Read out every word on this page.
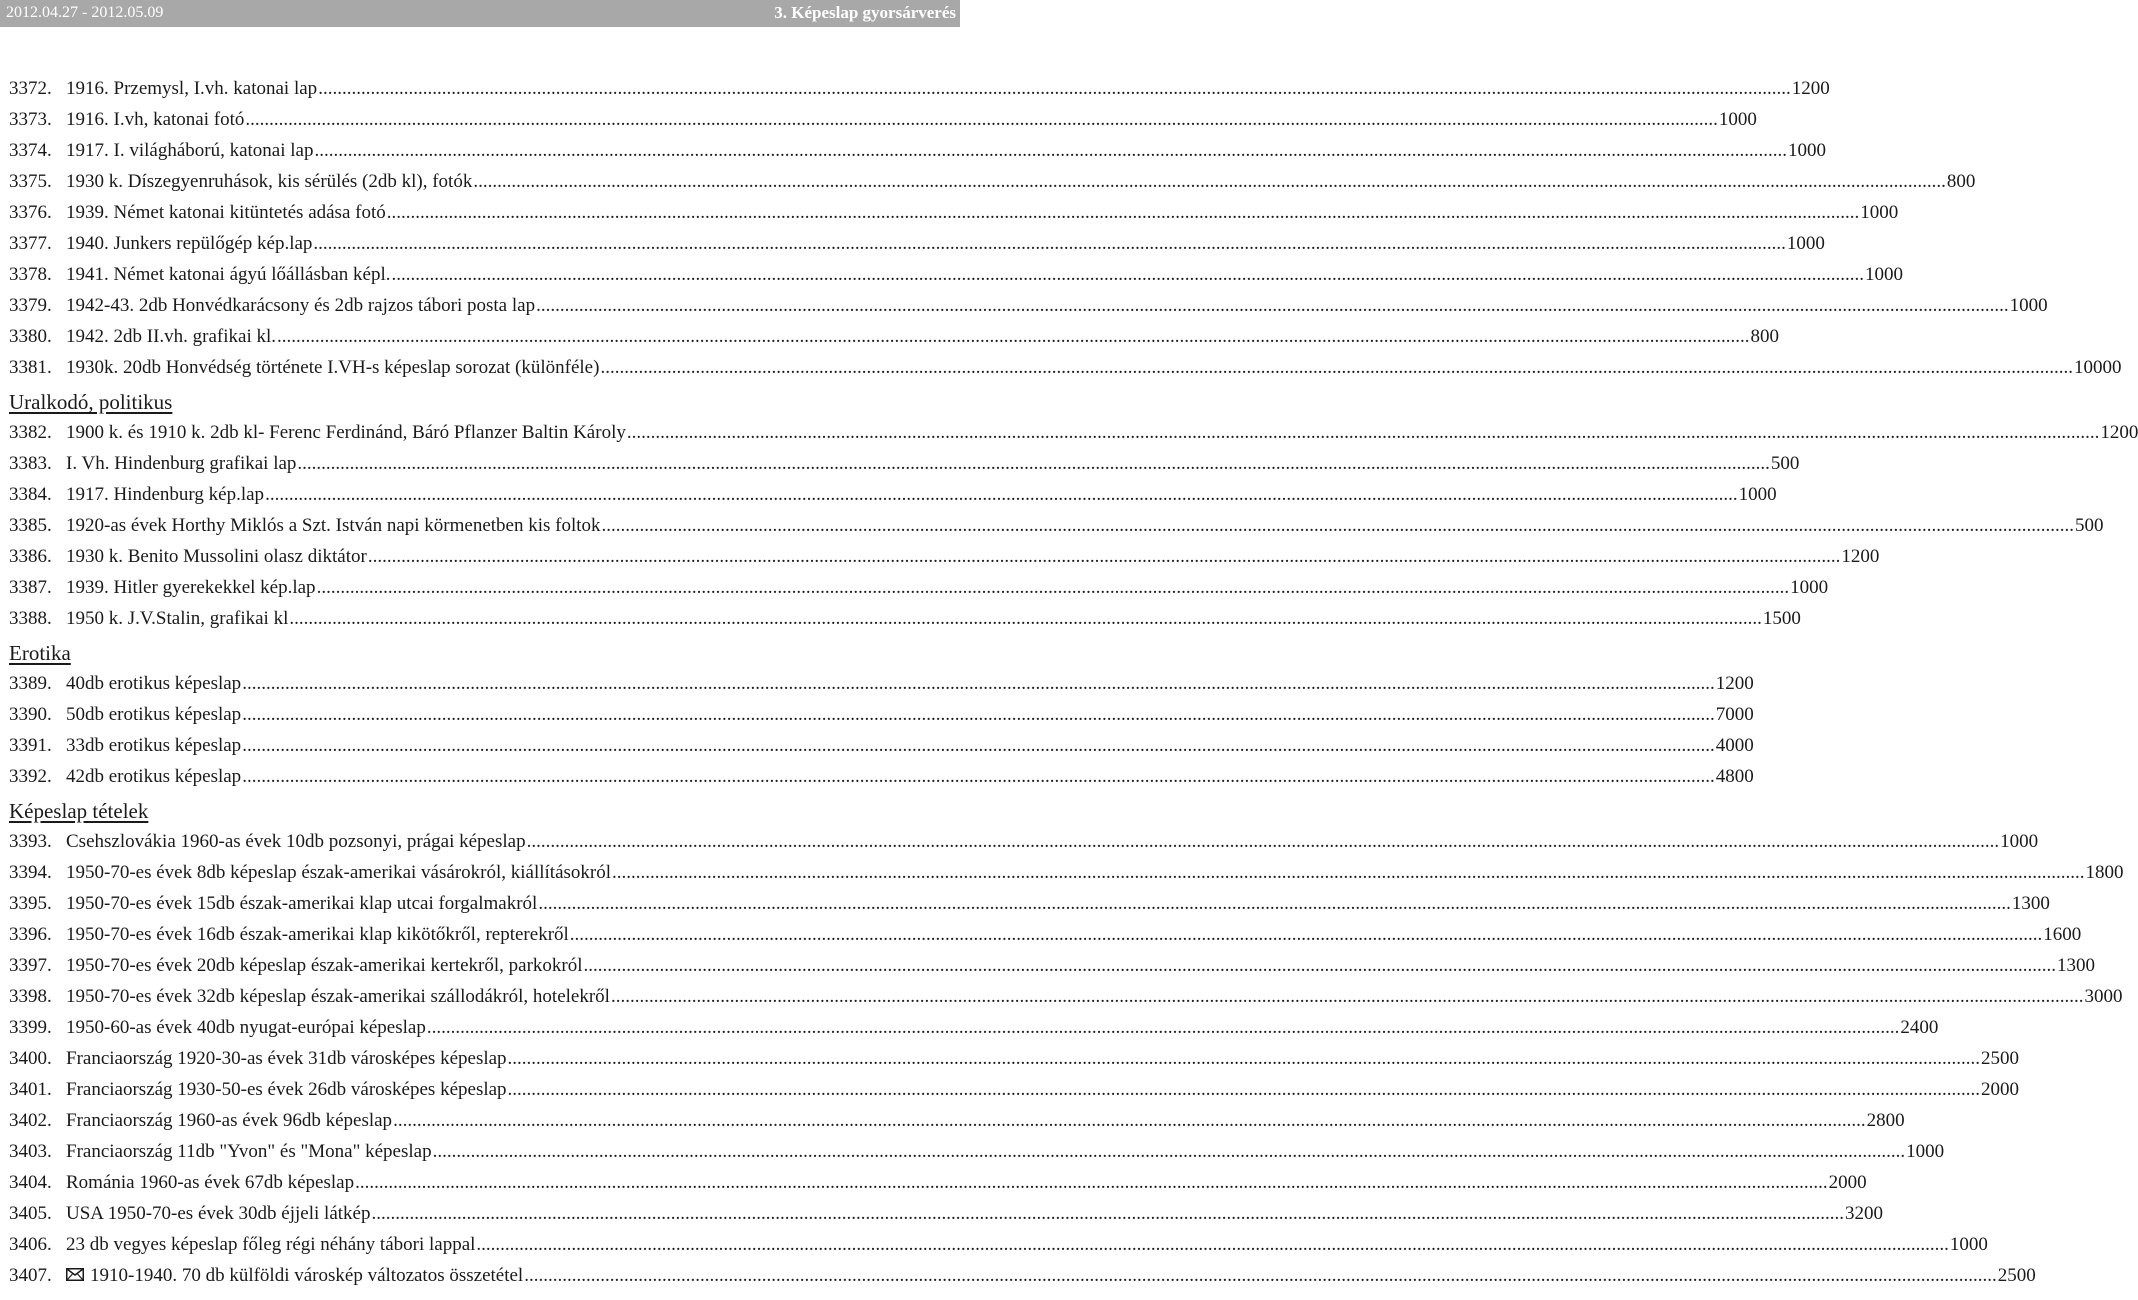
2012.04.27 - 2012.05.09	3. Képeslap gyorsárverés
3372. 1916. Przemysl, I.vh. katonai lap .....	1200
3373. 1916. I.vh, katonai fotó .....	1000
3374. 1917. I. világháború, katonai lap .....	1000
3375. 1930 k. Díszegyenruhások, kis sérülés (2db kl), fotók .....	800
3376. 1939. Német katonai kitüntetés adása fotó .....	1000
3377. 1940. Junkers repülőgép kép.lap .....	1000
3378. 1941. Német katonai ágyú lőállásban képl. .....	1000
3379. 1942-43. 2db Honvédkarácsony és 2db rajzos tábori posta lap .....	1000
3380. 1942. 2db II.vh. grafikai kl. .....	800
3381. 1930k. 20db Honvédség története I.VH-s képeslap sorozat (különféle) .....	10000
Uralkodó, politikus
3382. 1900 k. és 1910 k. 2db kl- Ferenc Ferdinánd, Báró Pflanzer Baltin Károly .....	1200
3383. I. Vh. Hindenburg grafikai lap .....	500
3384. 1917. Hindenburg kép.lap .....	1000
3385. 1920-as évek Horthy Miklós a Szt. István napi körmenetben kis foltok .....	500
3386. 1930 k. Benito Mussolini olasz diktátor .....	1200
3387. 1939. Hitler gyerekekkel kép.lap .....	1000
3388. 1950 k. J.V.Stalin, grafikai kl .....	1500
Erotika
3389. 40db erotikus képeslap .....	1200
3390. 50db erotikus képeslap .....	7000
3391. 33db erotikus képeslap .....	4000
3392. 42db erotikus képeslap .....	4800
Képeslap tételek
3393. Csehszlovákia 1960-as évek 10db pozsonyi, prágai képeslap .....	1000
3394. 1950-70-es évek 8db képeslap észak-amerikai vásárokról, kiállításokról .....	1800
3395. 1950-70-es évek 15db észak-amerikai klap utcai forgalmakról .....	1300
3396. 1950-70-es évek 16db észak-amerikai klap kikötőkről, repterekről .....	1600
3397. 1950-70-es évek 20db képeslap észak-amerikai kertekről, parkokról .....	1300
3398. 1950-70-es évek 32db képeslap észak-amerikai szállodákról, hotelekről .....	3000
3399. 1950-60-as évek 40db nyugat-európai képeslap .....	2400
3400. Franciaország 1920-30-as évek 31db városképes képeslap .....	2500
3401. Franciaország 1930-50-es évek 26db városképes képeslap .....	2000
3402. Franciaország 1960-as évek 96db képeslap .....	2800
3403. Franciaország 11db "Yvon" és "Mona" képeslap .....	1000
3404. Románia 1960-as évek 67db képeslap .....	2000
3405. USA 1950-70-es évek 30db éjjeli látkép .....	3200
3406. 23 db vegyes képeslap főleg régi néhány tábori lappal .....	1000
3407.	1910-1940. 70 db külföldi városkép változatos összetétel .....	2500
